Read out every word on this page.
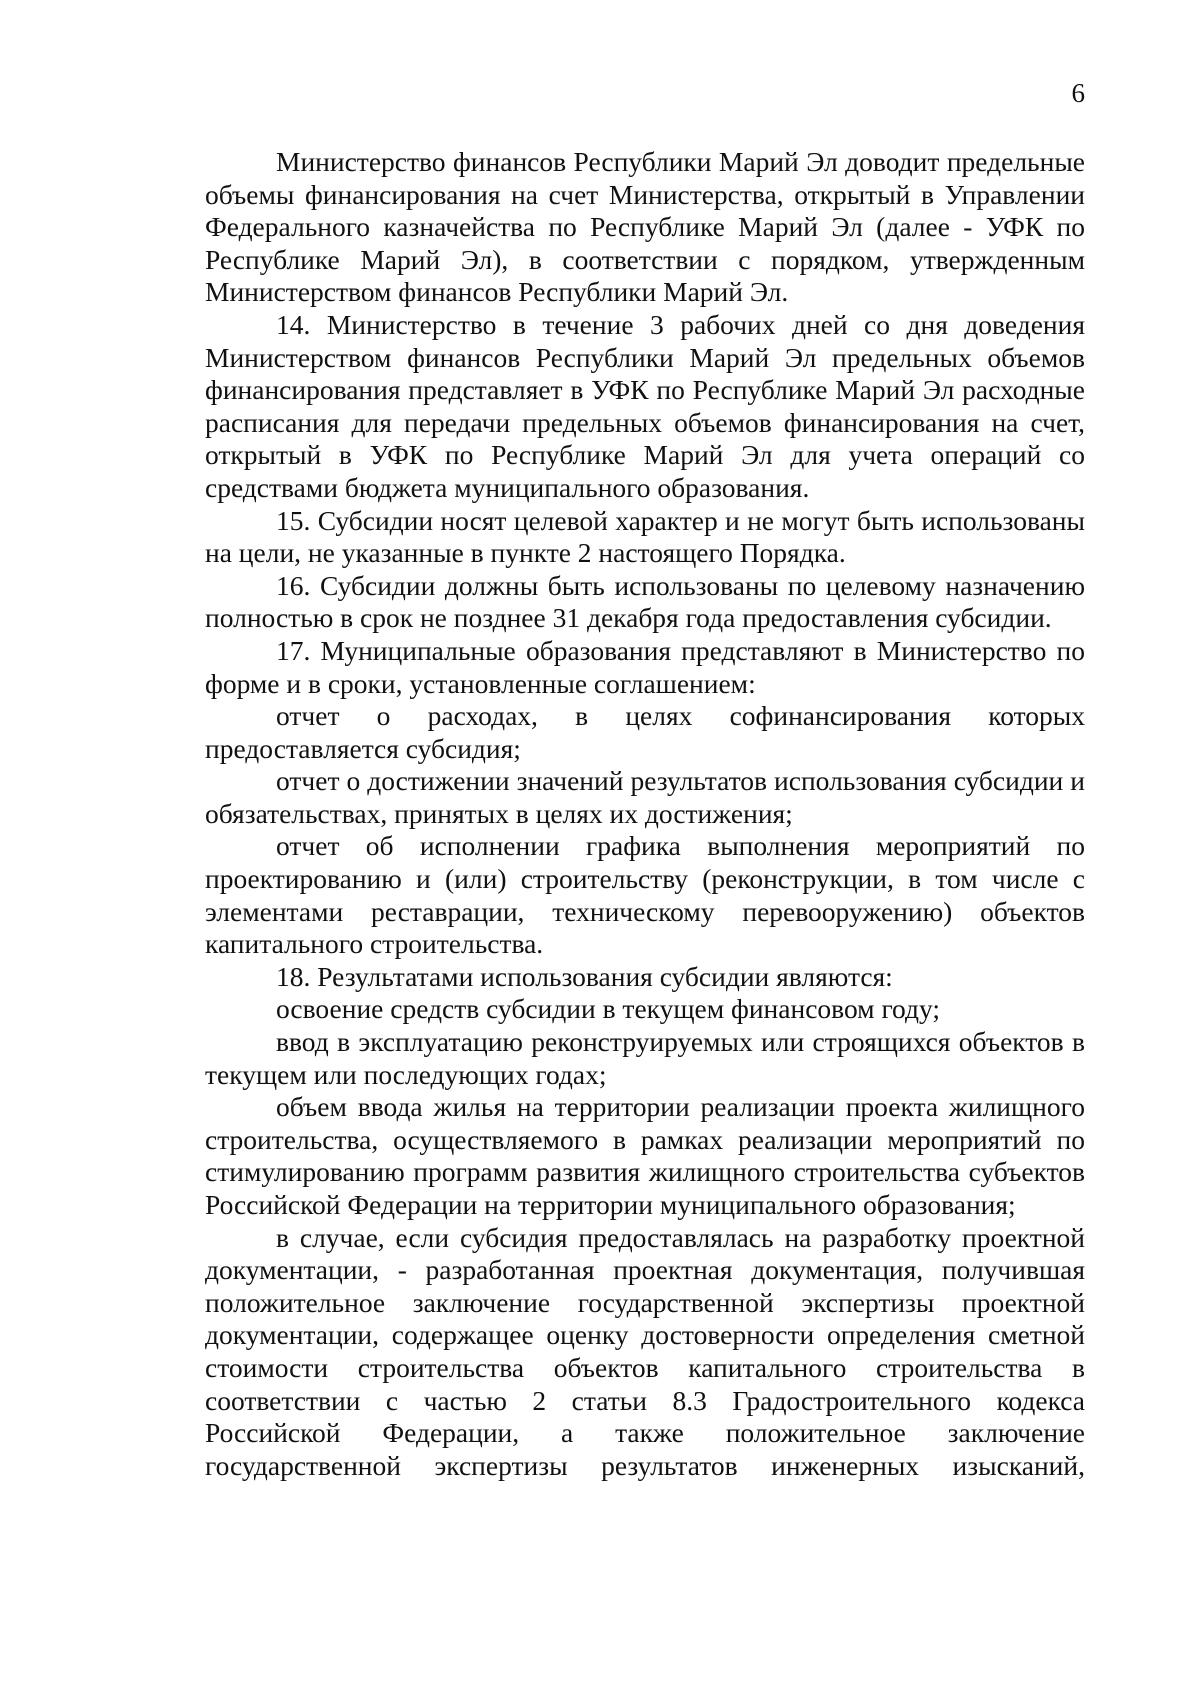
6

Министерство финансов Республики Марий Эл доводит предельные объемы финансирования на счет Министерства, открытый в Управлении Федерального казначейства по Республике Марий Эл (далее - УФК по Республике Марий Эл), в соответствии с порядком, утвержденным Министерством финансов Республики Марий Эл.

14. Министерство в течение 3 рабочих дней со дня доведения Министерством финансов Республики Марий Эл предельных объемов финансирования представляет в УФК по Республике Марий Эл расходные расписания для передачи предельных объемов финансирования на счет, открытый в УФК по Республике Марий Эл для учета операций со средствами бюджета муниципального образования.

15. Субсидии носят целевой характер и не могут быть использованы на цели, не указанные в пункте 2 настоящего Порядка.

16. Субсидии должны быть использованы по целевому назначению полностью в срок не позднее 31 декабря года предоставления субсидии.

17. Муниципальные образования представляют в Министерство по форме и в сроки, установленные соглашением:

отчет о расходах, в целях софинансирования которых предоставляется субсидия;

отчет о достижении значений результатов использования субсидии и обязательствах, принятых в целях их достижения;

отчет об исполнении графика выполнения мероприятий по проектированию и (или) строительству (реконструкции, в том числе с элементами реставрации, техническому перевооружению) объектов капитального строительства.

18. Результатами использования субсидии являются:

освоение средств субсидии в текущем финансовом году;

ввод в эксплуатацию реконструируемых или строящихся объектов в текущем или последующих годах;

объем ввода жилья на территории реализации проекта жилищного строительства, осуществляемого в рамках реализации мероприятий по стимулированию программ развития жилищного строительства субъектов Российской Федерации на территории муниципального образования;

в случае, если субсидия предоставлялась на разработку проектной документации, - разработанная проектная документация, получившая положительное заключение государственной экспертизы проектной документации, содержащее оценку достоверности определения сметной стоимости строительства объектов капитального строительства в соответствии с частью 2 статьи 8.3 Градостроительного кодекса Российской Федерации, а также положительное заключение государственной экспертизы результатов инженерных изысканий,
